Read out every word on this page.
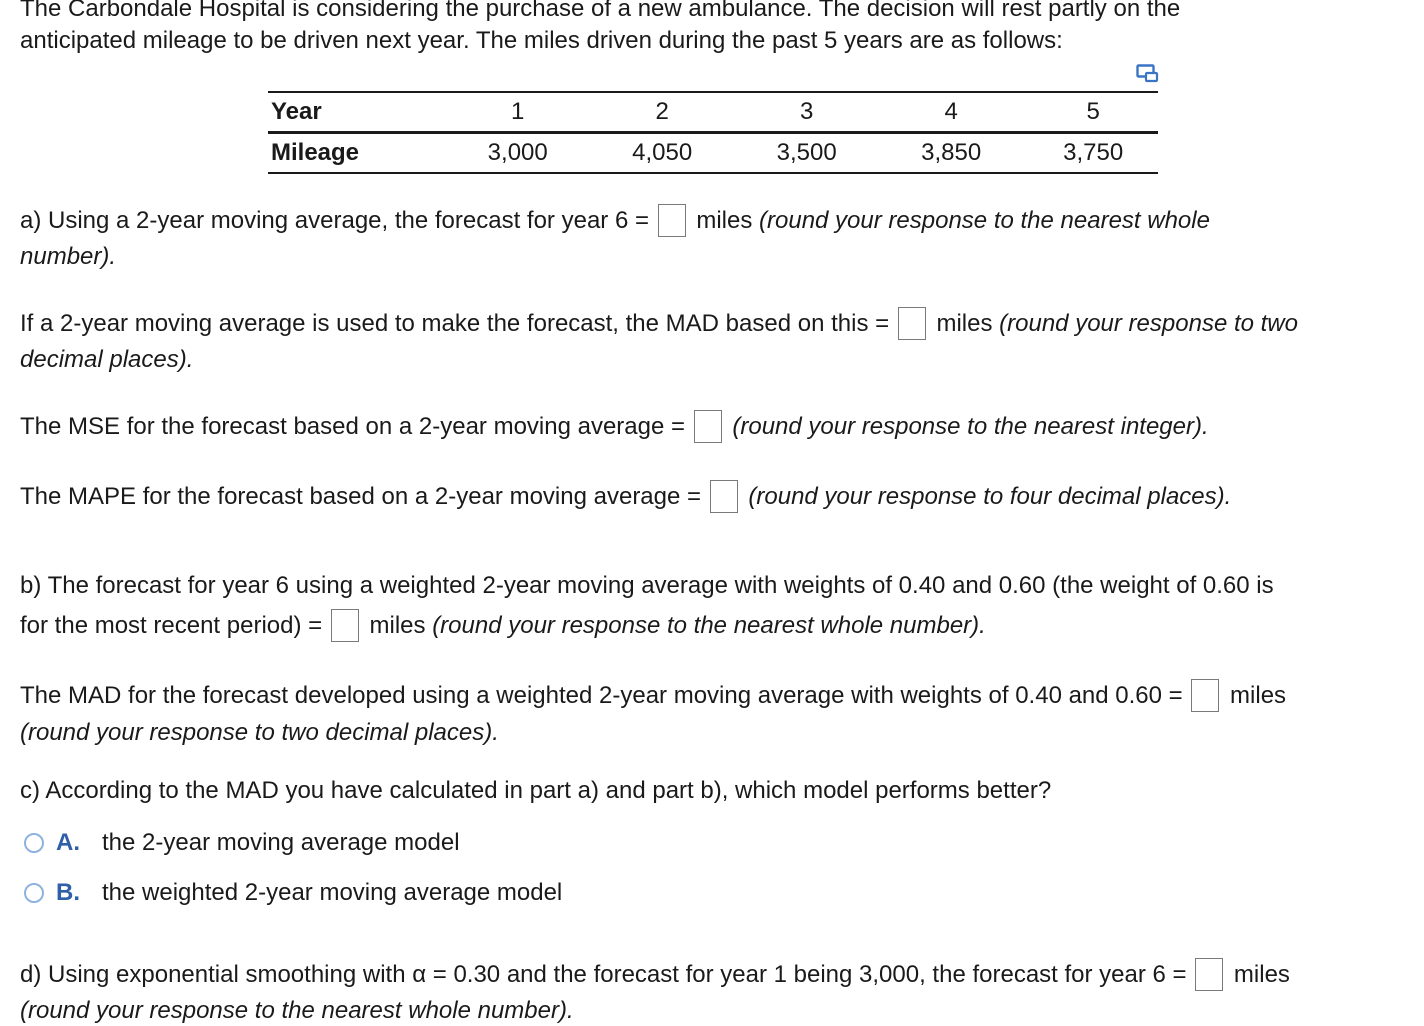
The Carbondale Hospital is considering the purchase of a new ambulance. The decision will rest partly on the
anticipated mileage to be driven next year. The miles driven during the past 5 years are as follows:
Year	1	2	3	4	5
Mileage	3,000	4,050	3,500	3,850	3,750
a) Using a 2-year moving average, the forecast for year 6 = miles (round your response to the nearest whole
number).
If a 2-year moving average is used to make the forecast, the MAD based on this = miles (round your response to two
decimal places).
The MSE for the forecast based on a 2-year moving average = (round your response to the nearest integer).
The MAPE for the forecast based on a 2-year moving average = (round your response to four decimal places).
b) The forecast for year 6 using a weighted 2-year moving average with weights of 0.40 and 0.60 (the weight of 0.60 is
for the most recent period) = miles (round your response to the nearest whole number).
The MAD for the forecast developed using a weighted 2-year moving average with weights of 0.40 and 0.60 = miles
(round your response to two decimal places).
c) According to the MAD you have calculated in part a) and part b), which model performs better?
A. the 2-year moving average model
B. the weighted 2-year moving average model
d) Using exponential smoothing with α = 0.30 and the forecast for year 1 being 3,000, the forecast for year 6 = miles
(round your response to the nearest whole number).
